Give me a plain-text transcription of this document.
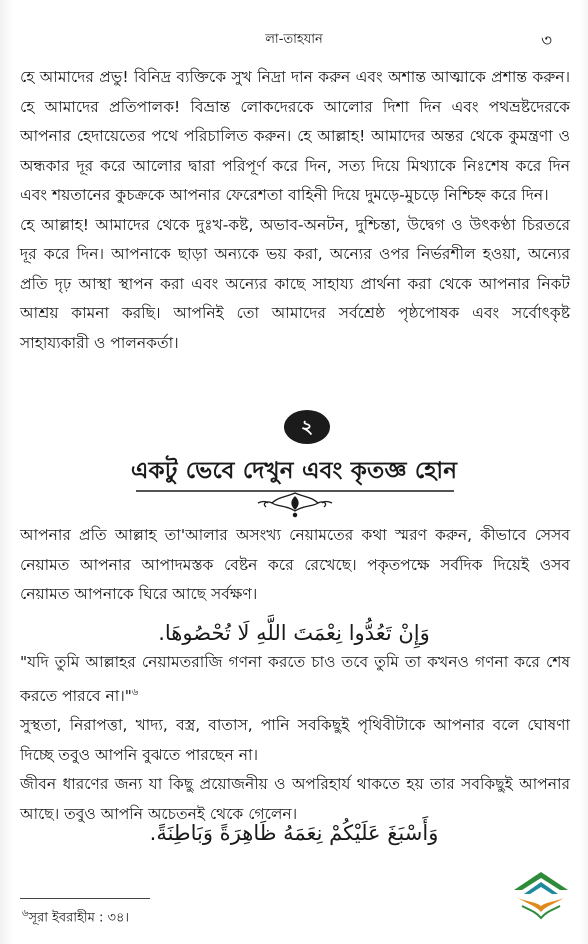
লা-তাহযান	৩

হে আমাদের প্রভু! বিনিদ্র ব্যক্তিকে সুখ নিদ্রা দান করুন এবং অশান্ত আত্মাকে প্রশান্ত করুন। হে আমাদের প্রতিপালক! বিভ্রান্ত লোকদেরকে আলোর দিশা দিন এবং পথভ্রষ্টদেরকে আপনার হেদায়েতের পথে পরিচালিত করুন। হে আল্লাহ! আমাদের অন্তর থেকে কুমন্ত্রণা ও অন্ধকার দূর করে আলোর দ্বারা পরিপূর্ণ করে দিন, সত্য দিয়ে মিথ্যাকে নিঃশেষ করে দিন এবং শয়তানের কুচক্রকে আপনার ফেরেশতা বাহিনী দিয়ে দুমড়ে-মুচড়ে নিশ্চিহ্ন করে দিন।

হে আল্লাহ! আমাদের থেকে দুঃখ-কষ্ট, অভাব-অনটন, দুশ্চিন্তা, উদ্বেগ ও উৎকণ্ঠা চিরতরে দূর করে দিন। আপনাকে ছাড়া অন্যকে ভয় করা, অন্যের ওপর নির্ভরশীল হওয়া, অন্যের প্রতি দৃঢ় আস্থা স্থাপন করা এবং অন্যের কাছে সাহায্য প্রার্থনা করা থেকে আপনার নিকট আশ্রয় কামনা করছি। আপনিই তো আমাদের সর্বশ্রেষ্ঠ পৃষ্ঠপোষক এবং সর্বোৎকৃষ্ট সাহায্যকারী ও পালনকর্তা।

২
একটু ভেবে দেখুন এবং কৃতজ্ঞ হোন

আপনার প্রতি আল্লাহ তা'আলার অসংখ্য নেয়ামতের কথা স্মরণ করুন, কীভাবে সেসব নেয়ামত আপনার আপাদমস্তক বেষ্টন করে রেখেছে। পকৃতপক্ষে সর্বদিক দিয়েই ওসব নেয়ামত আপনাকে ঘিরে আছে সর্বক্ষণ।

وَإِنْ تَعُدُّوا نِعْمَتَ اللَّهِ لَا تُحْصُوهَا.

"যদি তুমি আল্লাহর নেয়ামতরাজি গণনা করতে চাও তবে তুমি তা কখনও গণনা করে শেষ করতে পারবে না।"$^৬$

সুস্থতা, নিরাপত্তা, খাদ্য, বস্ত্র, বাতাস, পানি সবকিছুই পৃথিবীটাকে আপনার বলে ঘোষণা দিচ্ছে তবুও আপনি বুঝতে পারছেন না।

জীবন ধারণের জন্য যা কিছু প্রয়োজনীয় ও অপরিহার্য থাকতে হয় তার সবকিছুই আপনার আছে। তবুও আপনি অচেতনই থেকে গেলেন।

وَأَسْبَغَ عَلَيْكُمْ نِعَمَهُ ظَاهِرَةً وَبَاطِنَةً.
$^৬$সূরা ইবরাহীম : ৩৪।
